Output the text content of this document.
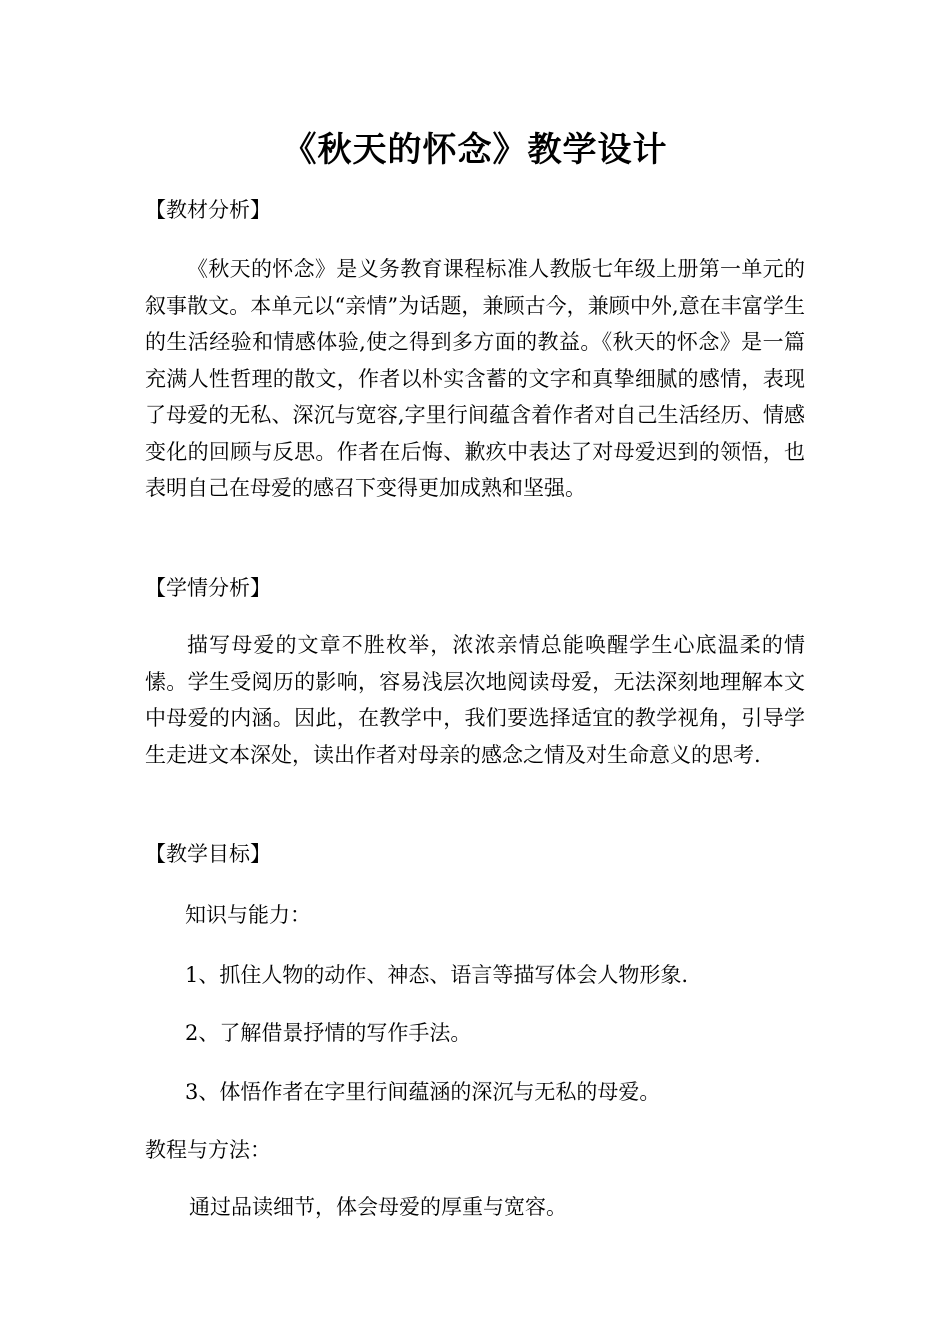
《秋天的怀念》教学设计
【教材分析】
《秋天的怀念》是义务教育课程标准人教版七年级上册第一单元的叙事散文。本单元以“亲情”为话题，兼顾古今，兼顾中外,意在丰富学生的生活经验和情感体验,使之得到多方面的教益。《秋天的怀念》是一篇充满人性哲理的散文，作者以朴实含蓄的文字和真挚细腻的感情，表现了母爱的无私、深沉与宽容,字里行间蕴含着作者对自己生活经历、情感变化的回顾与反思。作者在后悔、歉疚中表达了对母爱迟到的领悟，也表明自己在母爱的感召下变得更加成熟和坚强。
【学情分析】
描写母爱的文章不胜枚举，浓浓亲情总能唤醒学生心底温柔的情愫。学生受阅历的影响，容易浅层次地阅读母爱，无法深刻地理解本文中母爱的内涵。因此，在教学中，我们要选择适宜的教学视角，引导学生走进文本深处，读出作者对母亲的感念之情及对生命意义的思考.
【教学目标】
知识与能力：
1、抓住人物的动作、神态、语言等描写体会人物形象.
2、了解借景抒情的写作手法。
3、体悟作者在字里行间蕴涵的深沉与无私的母爱。
教程与方法：
通过品读细节，体会母爱的厚重与宽容。
